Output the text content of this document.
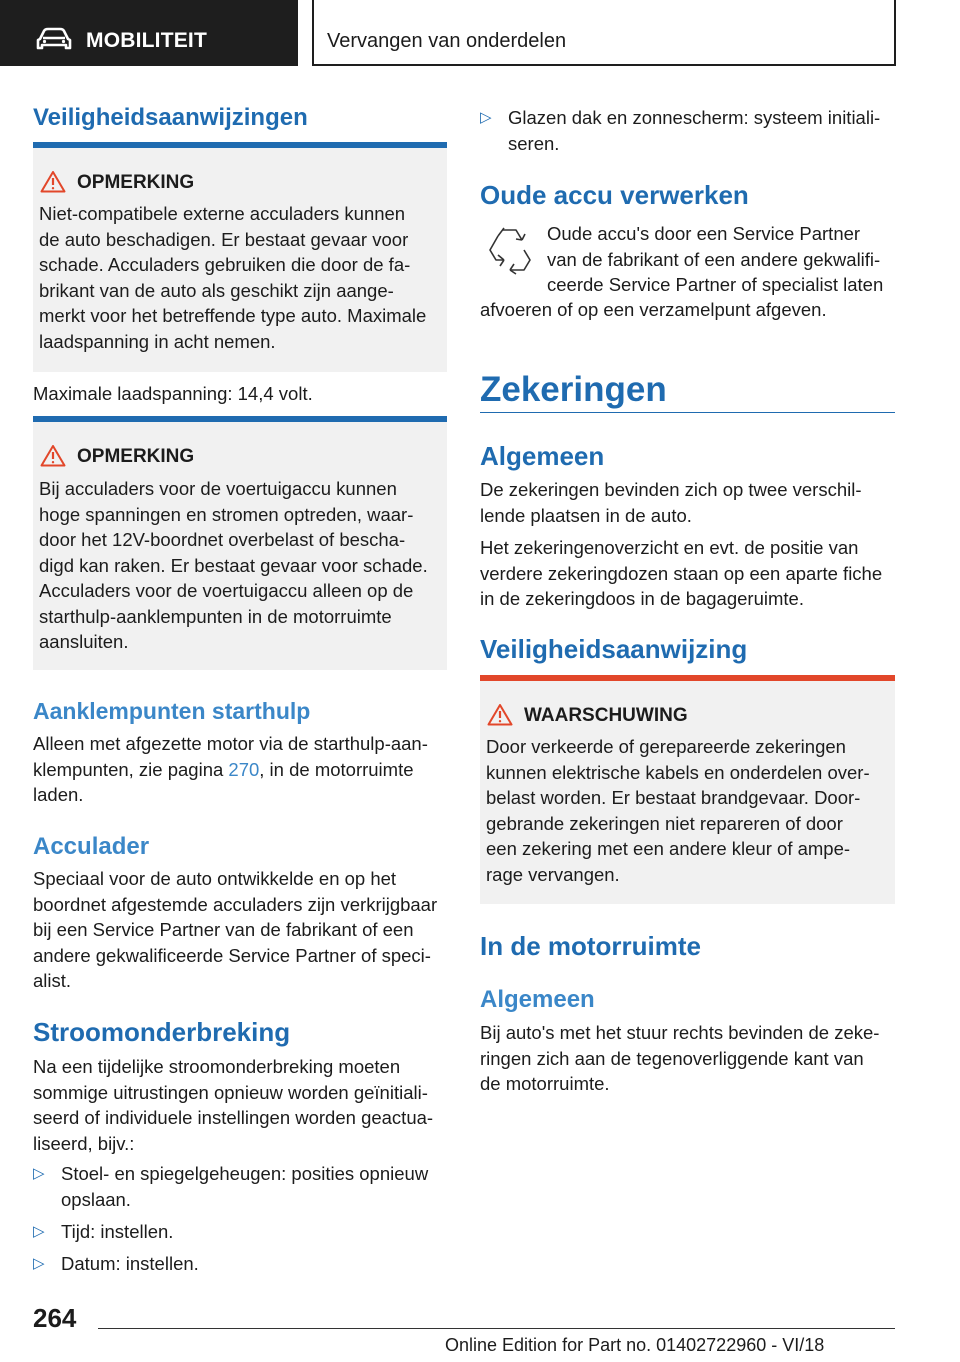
MOBILITEIT	Vervangen van onderdelen
Veiligheidsaanwijzingen
OPMERKING
Niet-compatibele externe acculaders kunnen
de auto beschadigen. Er bestaat gevaar voor
schade. Acculaders gebruiken die door de fa-
brikant van de auto als geschikt zijn aange-
merkt voor het betreffende type auto. Maximale
laadspanning in acht nemen.
Maximale laadspanning: 14,4 volt.
OPMERKING
Bij acculaders voor de voertuigaccu kunnen
hoge spanningen en stromen optreden, waar-
door het 12V-boordnet overbelast of bescha-
digd kan raken. Er bestaat gevaar voor schade.
Acculaders voor de voertuigaccu alleen op de
starthulp-aanklempunten in de motorruimte
aansluiten.
Aanklempunten starthulp
Alleen met afgezette motor via de starthulp-aan-
klempunten, zie pagina 270, in de motorruimte
laden.
Acculader
Speciaal voor de auto ontwikkelde en op het
boordnet afgestemde acculaders zijn verkrijgbaar
bij een Service Partner van de fabrikant of een
andere gekwalificeerde Service Partner of speci-
alist.
Stroomonderbreking
Na een tijdelijke stroomonderbreking moeten
sommige uitrustingen opnieuw worden geïnitiali-
seerd of individuele instellingen worden geactua-
liseerd, bijv.:
▷ Stoel- en spiegelgeheugen: posities opnieuw
opslaan.
▷ Tijd: instellen.
▷ Datum: instellen.
▷ Glazen dak en zonnescherm: systeem initiali-
seren.
Oude accu verwerken
Oude accu's door een Service Partner
van de fabrikant of een andere gekwalifi-
ceerde Service Partner of specialist laten
afvoeren of op een verzamelpunt afgeven.
Zekeringen
Algemeen
De zekeringen bevinden zich op twee verschil-
lende plaatsen in de auto.
Het zekeringenoverzicht en evt. de positie van
verdere zekeringdozen staan op een aparte fiche
in de zekeringdoos in de bagageruimte.
Veiligheidsaanwijzing
WAARSCHUWING
Door verkeerde of gerepareerde zekeringen
kunnen elektrische kabels en onderdelen over-
belast worden. Er bestaat brandgevaar. Door-
gebrande zekeringen niet repareren of door
een zekering met een andere kleur of ampe-
rage vervangen.
In de motorruimte
Algemeen
Bij auto's met het stuur rechts bevinden de zeke-
ringen zich aan de tegenoverliggende kant van
de motorruimte.
264
Online Edition for Part no. 01402722960 - VI/18
